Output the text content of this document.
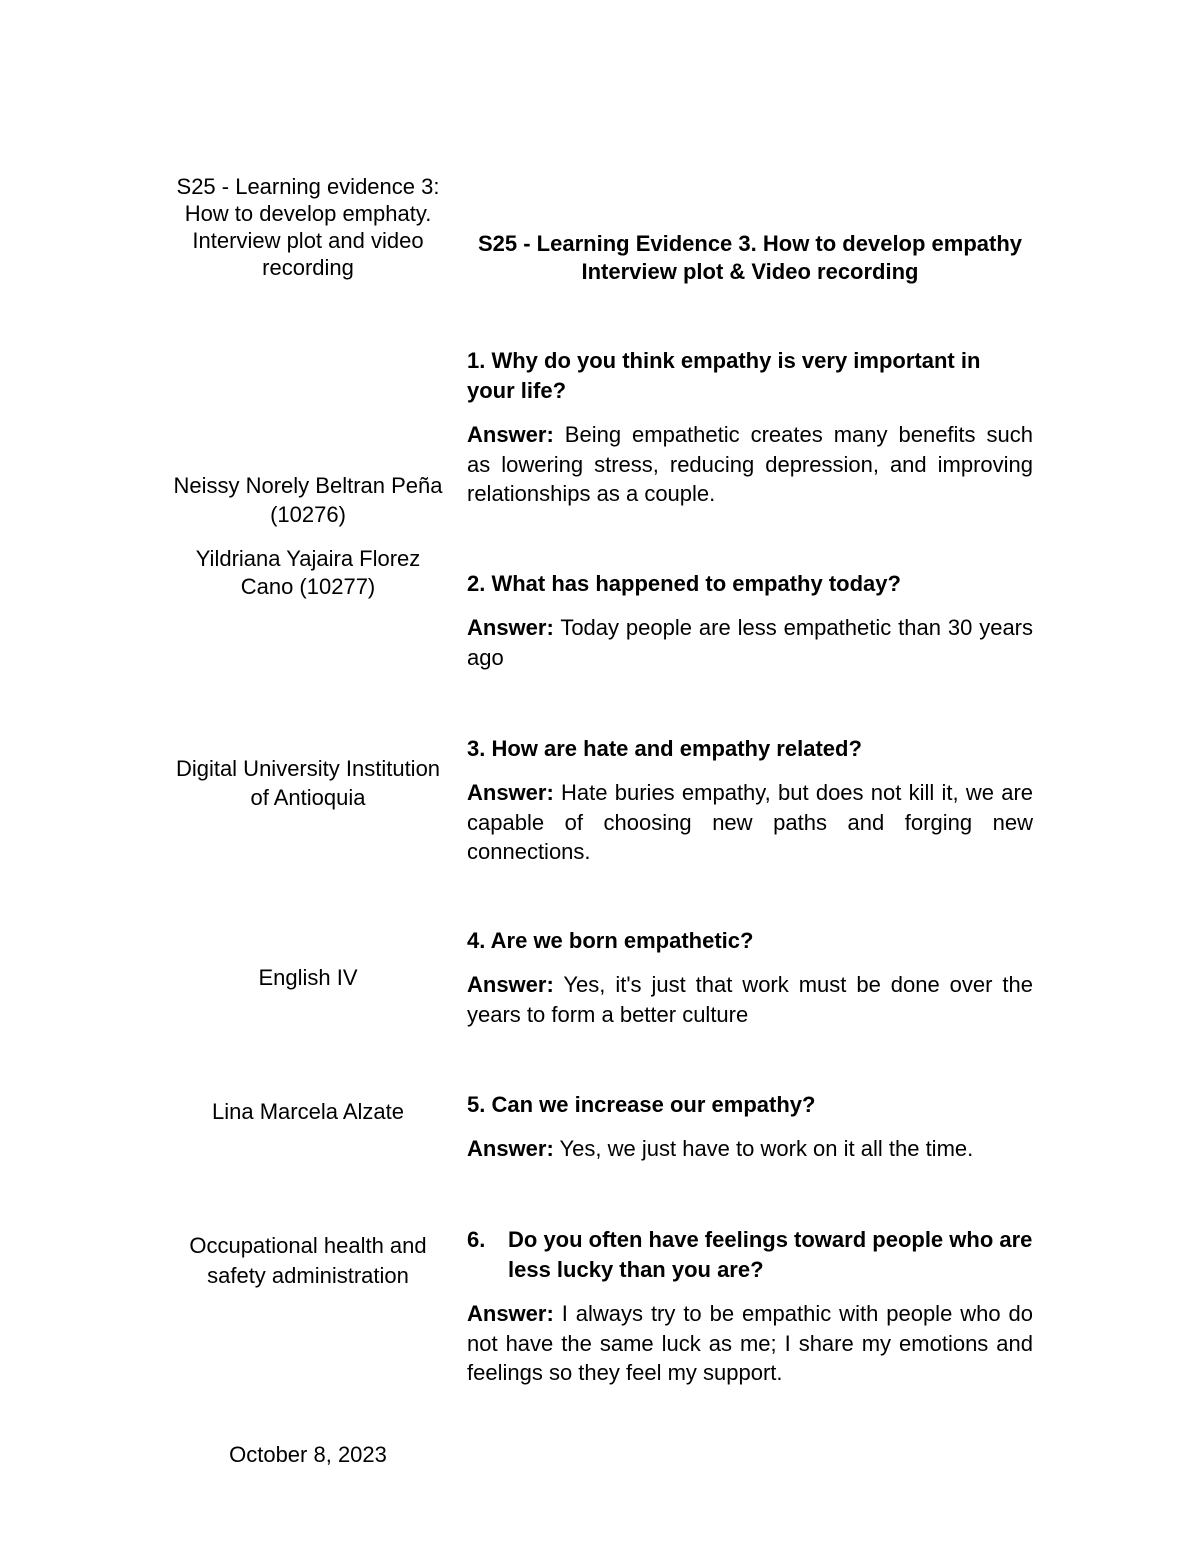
S25 - Learning evidence 3: How to develop emphaty. Interview plot and video recording

Neissy Norely Beltran Peña (10276)

Yildriana Yajaira Florez Cano (10277)

Digital University Institution of Antioquia

English IV

Lina Marcela Alzate

Occupational health and safety administration

October 8, 2023

S25 - Learning Evidence 3. How to develop empathy Interview plot & Video recording

1. Why do you think empathy is very important in your life?

Answer: Being empathetic creates many benefits such as lowering stress, reducing depression, and improving relationships as a couple.

2. What has happened to empathy today?

Answer: Today people are less empathetic than 30 years ago

3. How are hate and empathy related?

Answer: Hate buries empathy, but does not kill it, we are capable of choosing new paths and forging new connections.

4. Are we born empathetic?

Answer: Yes, it's just that work must be done over the years to form a better culture

5. Can we increase our empathy?

Answer: Yes, we just have to work on it all the time.

6.	Do you often have feelings toward people who are less lucky than you are?

Answer: I always try to be empathic with people who do not have the same luck as me; I share my emotions and feelings so they feel my support.
